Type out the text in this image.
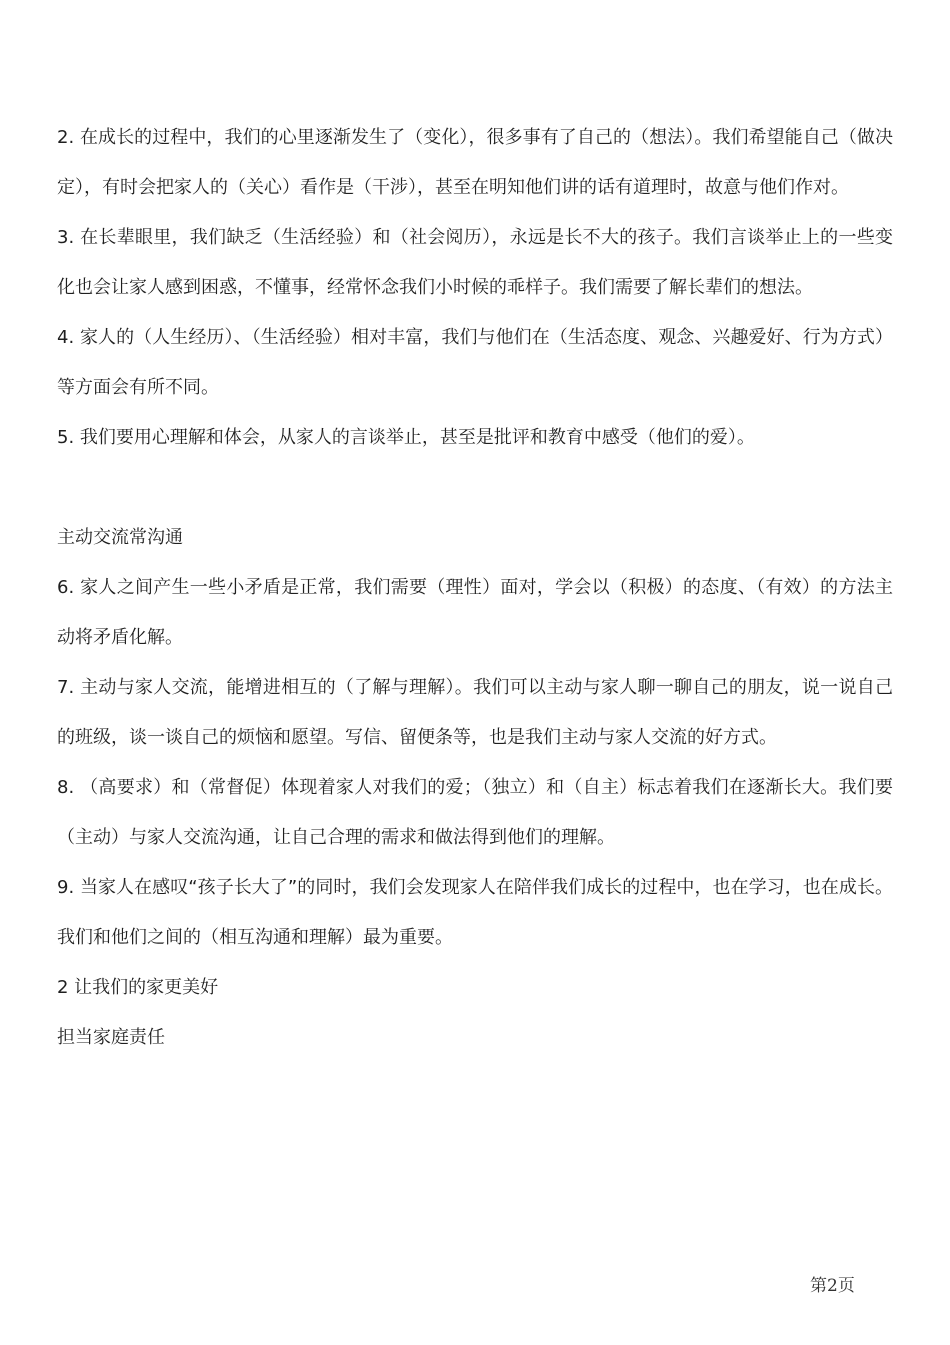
2. 在成长的过程中，我们的心里逐渐发生了（变化），很多事有了自己的（想法）。我们希望能自己（做决定），有时会把家人的（关心）看作是（干涉），甚至在明知他们讲的话有道理时，故意与他们作对。

3. 在长辈眼里，我们缺乏（生活经验）和（社会阅历），永远是长不大的孩子。我们言谈举止上的一些变化也会让家人感到困惑，不懂事，经常怀念我们小时候的乖样子。我们需要了解长辈们的想法。

4. 家人的（人生经历）、（生活经验）相对丰富，我们与他们在（生活态度、观念、兴趣爱好、行为方式）等方面会有所不同。

5. 我们要用心理解和体会，从家人的言谈举止，甚至是批评和教育中感受（他们的爱）。

主动交流常沟通

6. 家人之间产生一些小矛盾是正常，我们需要（理性）面对，学会以（积极）的态度、（有效）的方法主动将矛盾化解。

7. 主动与家人交流，能增进相互的（了解与理解）。我们可以主动与家人聊一聊自己的朋友，说一说自己的班级，谈一谈自己的烦恼和愿望。写信、留便条等，也是我们主动与家人交流的好方式。

8. （高要求）和（常督促）体现着家人对我们的爱；（独立）和（自主）标志着我们在逐渐长大。我们要（主动）与家人交流沟通，让自己合理的需求和做法得到他们的理解。

9. 当家人在感叹“孩子长大了”的同时，我们会发现家人在陪伴我们成长的过程中，也在学习，也在成长。我们和他们之间的（相互沟通和理解）最为重要。

2 让我们的家更美好

担当家庭责任

第2页
